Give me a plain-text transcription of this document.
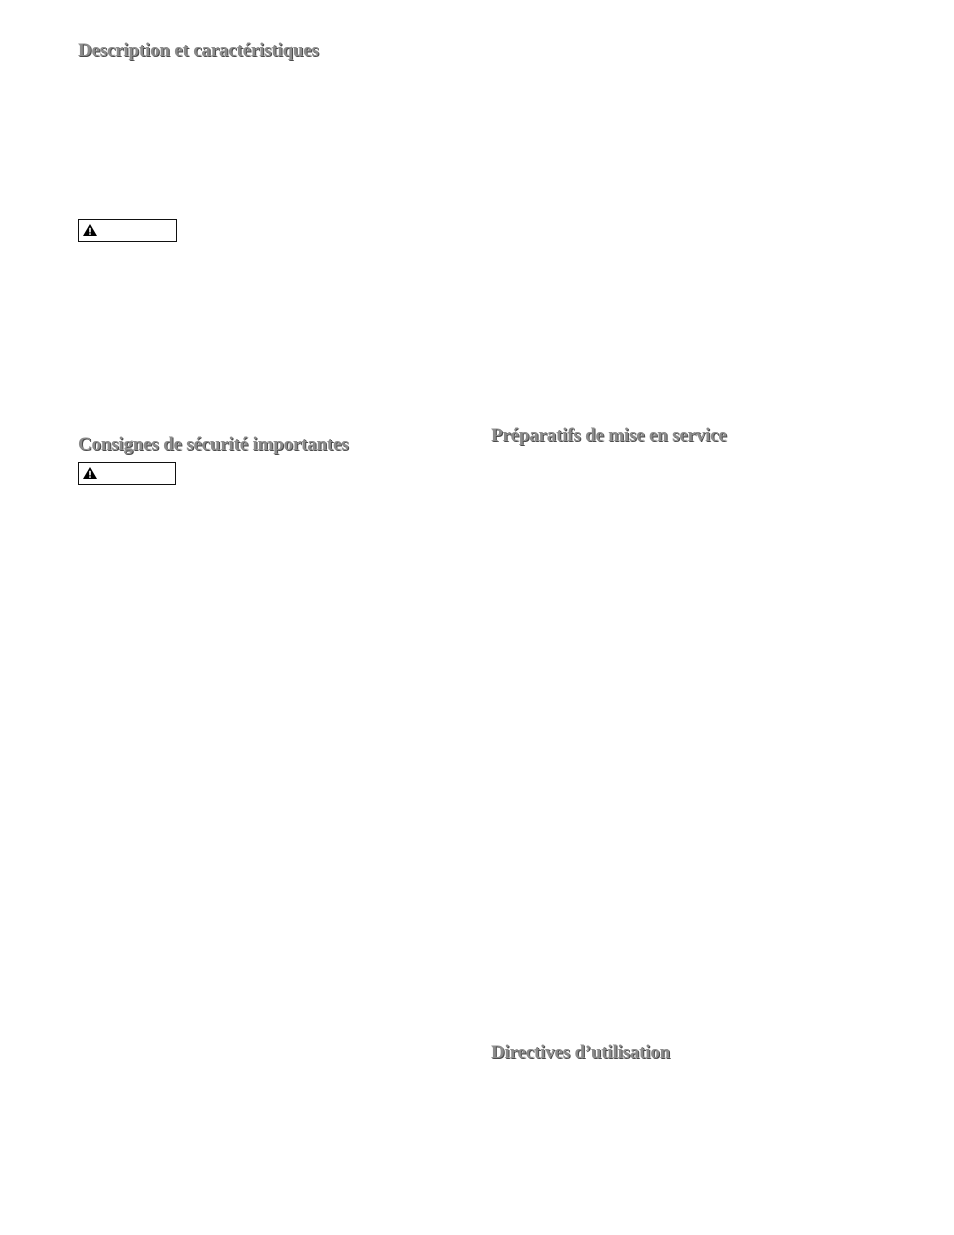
Description et caractéristiques
Consignes de sécurité importantes	Préparatifs de mise en service
Directives d’utilisation
